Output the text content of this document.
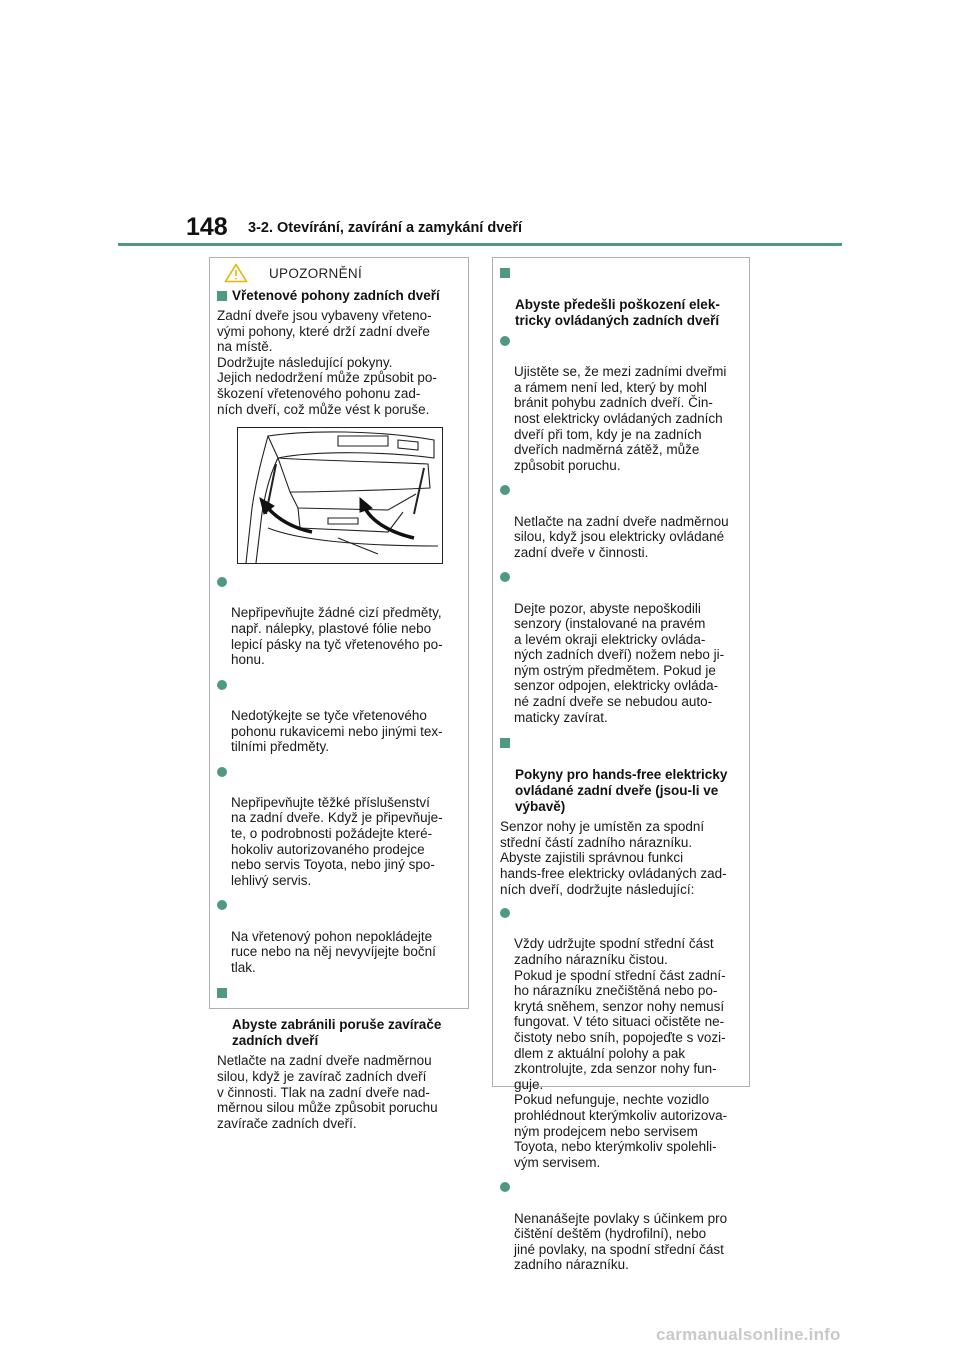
148 3-2. Otevírání, zavírání a zamykání dveří
UPOZORNĚNÍ
Vřetenové pohony zadních dveří
Zadní dveře jsou vybaveny vřeteno-
vými pohony, které drží zadní dveře
na místě.
Dodržujte následující pokyny.
Jejich nedodržení může způsobit po-
škození vřetenového pohonu zad-
ních dveří, což může vést k poruše.

Nepřipevňujte žádné cizí předměty,
např. nálepky, plastové fólie nebo
lepicí pásky na tyč vřetenového po-
honu.

Nedotýkejte se tyče vřetenového
pohonu rukavicemi nebo jinými tex-
tilními předměty.

Nepřipevňujte těžké příslušenství
na zadní dveře. Když je připevňuje-
te, o podrobnosti požádejte které-
hokoliv autorizovaného prodejce
nebo servis Toyota, nebo jiný spo-
lehlivý servis.

Na vřetenový pohon nepokládejte
ruce nebo na něj nevyvíjejte boční
tlak.

Abyste zabránili poruše zavírače
zadních dveří

Netlačte na zadní dveře nadměrnou
silou, když je zavírač zadních dveří
v činnosti. Tlak na zadní dveře nad-
měrnou silou může způsobit poruchu
zavírače zadních dveří.

Abyste předešli poškození elek-
tricky ovládaných zadních dveří

Ujistěte se, že mezi zadními dveřmi
a rámem není led, který by mohl
bránit pohybu zadních dveří. Čin-
nost elektricky ovládaných zadních
dveří při tom, kdy je na zadních
dveřích nadměrná zátěž, může
způsobit poruchu.

Netlačte na zadní dveře nadměrnou
silou, když jsou elektricky ovládané
zadní dveře v činnosti.

Dejte pozor, abyste nepoškodili
senzory (instalované na pravém
a levém okraji elektricky ovláda-
ných zadních dveří) nožem nebo ji-
ným ostrým předmětem. Pokud je
senzor odpojen, elektricky ovláda-
né zadní dveře se nebudou auto-
maticky zavírat.

Pokyny pro hands-free elektricky
ovládané zadní dveře (jsou-li ve
výbavě)

Senzor nohy je umístěn za spodní
střední částí zadního nárazníku.
Abyste zajistili správnou funkci
hands-free elektricky ovládaných zad-
ních dveří, dodržujte následující:

Vždy udržujte spodní střední část
zadního nárazníku čistou.
Pokud je spodní střední část zadní-
ho nárazníku znečištěná nebo po-
krytá sněhem, senzor nohy nemusí
fungovat. V této situaci očistěte ne-
čistoty nebo sníh, popojeďte s vozi-
dlem z aktuální polohy a pak
zkontrolujte, zda senzor nohy fun-
guje.
Pokud nefunguje, nechte vozidlo
prohlédnout kterýmkoliv autorizova-
ným prodejcem nebo servisem
Toyota, nebo kterýmkoliv spolehli-
vým servisem.

Nenanášejte povlaky s účinkem pro
čištění deštěm (hydrofilní), nebo
jiné povlaky, na spodní střední část
zadního nárazníku.

carmanualsonline.info
